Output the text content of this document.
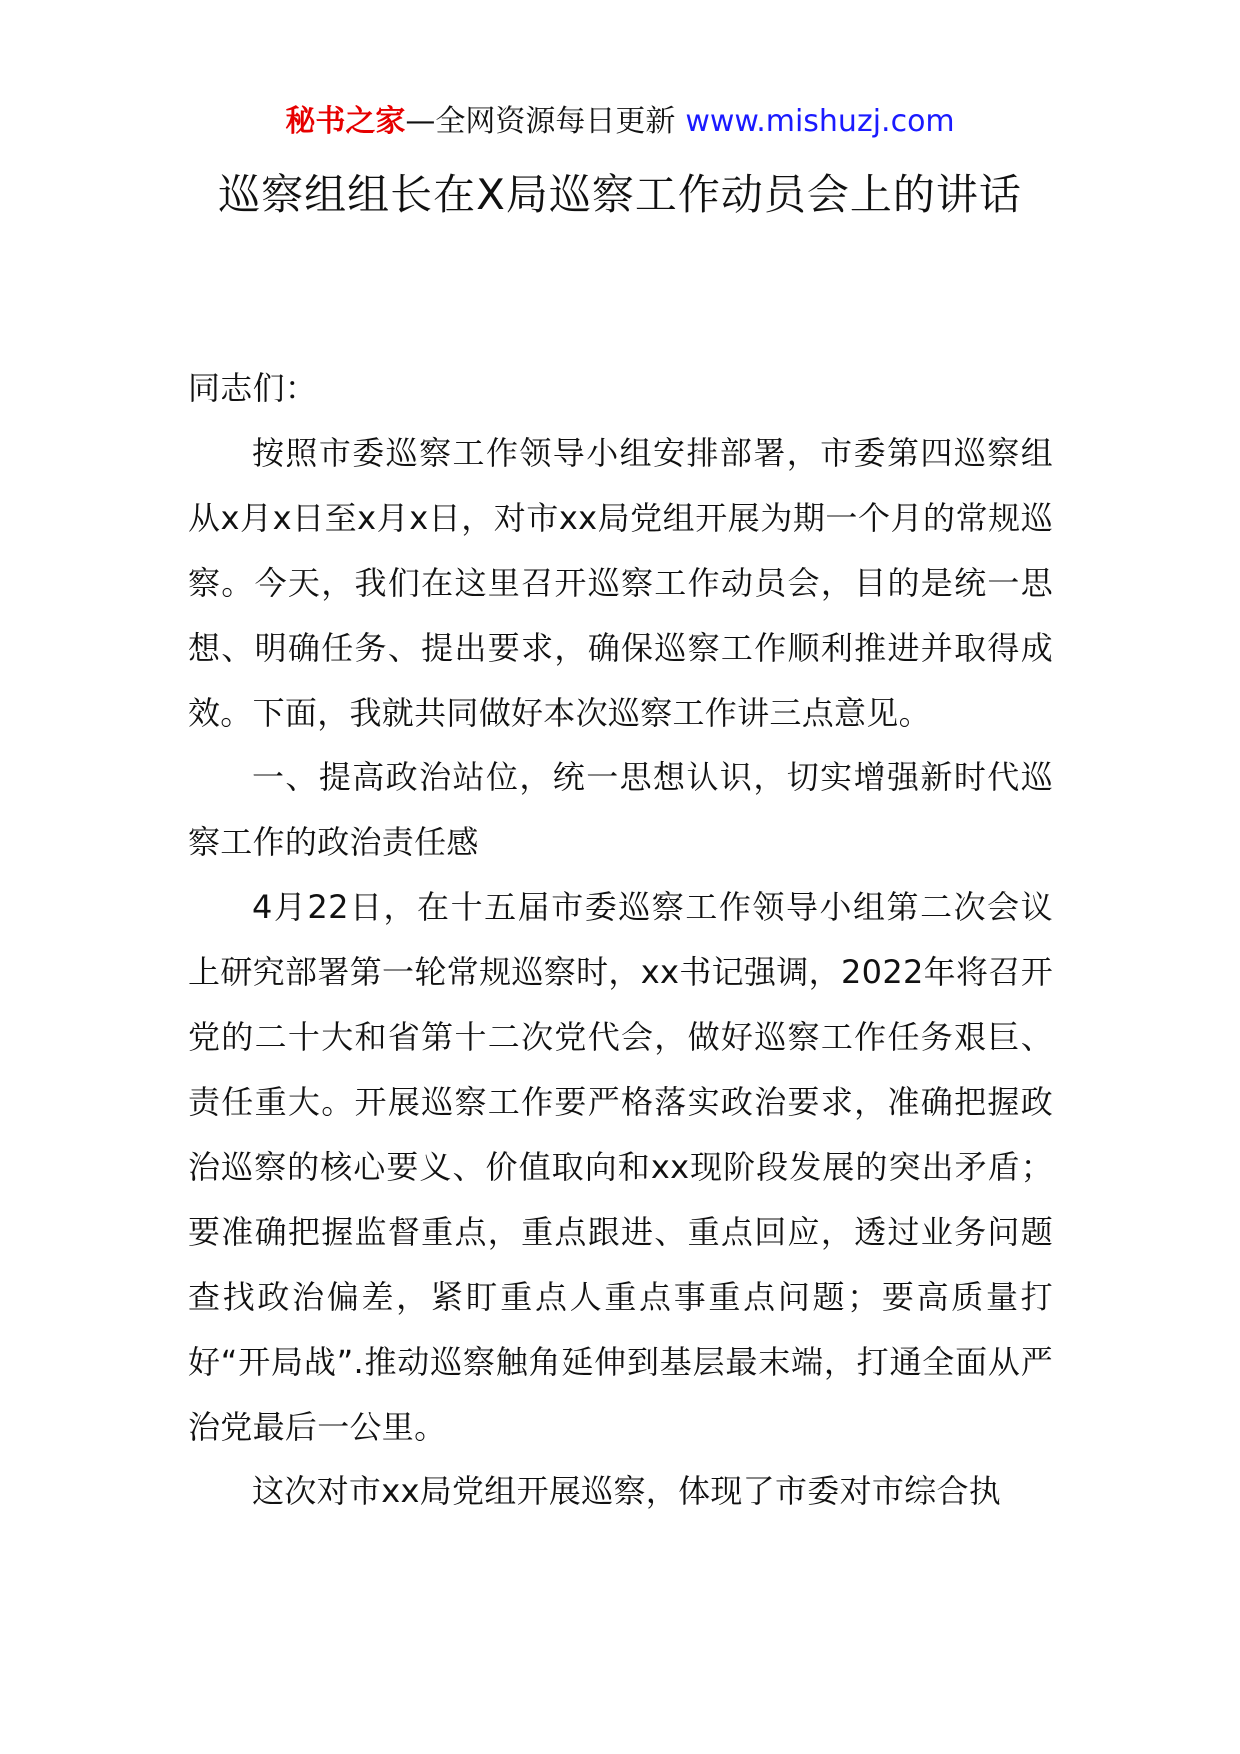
秘书之家—全网资源每日更新 www.mishuzj.com
巡察组组长在X局巡察工作动员会上的讲话

同志们：

按照市委巡察工作领导小组安排部署，市委第四巡察组从x月x日至x月x日，对市xx局党组开展为期一个月的常规巡察。今天，我们在这里召开巡察工作动员会，目的是统一思想、明确任务、提出要求，确保巡察工作顺利推进并取得成效。下面，我就共同做好本次巡察工作讲三点意见。

一、提高政治站位，统一思想认识，切实增强新时代巡察工作的政治责任感

4月22日，在十五届市委巡察工作领导小组第二次会议上研究部署第一轮常规巡察时，xx书记强调，2022年将召开党的二十大和省第十二次党代会，做好巡察工作任务艰巨、责任重大。开展巡察工作要严格落实政治要求，准确把握政治巡察的核心要义、价值取向和xx现阶段发展的突出矛盾；要准确把握监督重点，重点跟进、重点回应，透过业务问题查找政治偏差，紧盯重点人重点事重点问题；要高质量打好“开局战”.推动巡察触角延伸到基层最末端，打通全面从严治党最后一公里。

这次对市xx局党组开展巡察，体现了市委对市综合执
